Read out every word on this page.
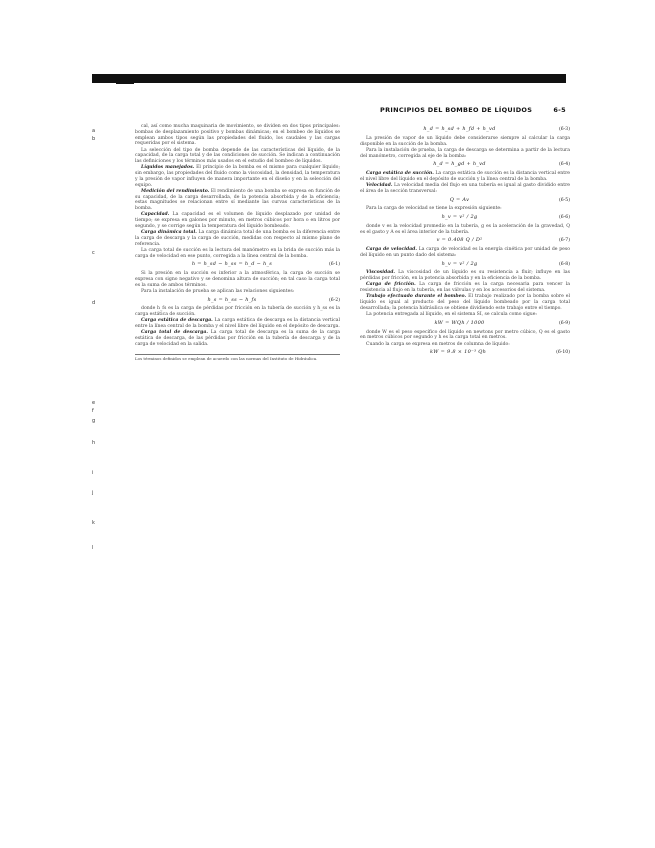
PRINCIPIOS DEL BOMBEO DE LÍQUIDOS	6-5
a
b
c
d
e
f
g
h
i
j
k
l

cal, así como mucha maquinaria de movimiento, se dividen en dos tipos principales: bombas de desplazamiento positivo y bombas dinámicas; en el bombeo de líquidos se emplean ambos tipos según las propiedades del fluido, los caudales y las cargas requeridas por el sistema.

La selección del tipo de bomba depende de las características del líquido, de la capacidad, de la carga total y de las condiciones de succión. Se indican a continuación las definiciones y los términos más usados en el estudio del bombeo de líquidos.

Líquidos manejados. El principio de la bomba es el mismo para cualquier líquido; sin embargo, las propiedades del fluido como la viscosidad, la densidad, la temperatura y la presión de vapor influyen de manera importante en el diseño y en la selección del equipo.

Medición del rendimiento. El rendimiento de una bomba se expresa en función de su capacidad, de la carga desarrollada, de la potencia absorbida y de la eficiencia; estas magnitudes se relacionan entre sí mediante las curvas características de la bomba.

Capacidad. La capacidad es el volumen de líquido desplazado por unidad de tiempo; se expresa en galones por minuto, en metros cúbicos por hora o en litros por segundo, y se corrige según la temperatura del líquido bombeado.

Carga dinámica total. La carga dinámica total de una bomba es la diferencia entre la carga de descarga y la carga de succión, medidas con respecto al mismo plano de referencia.

La carga total de succión es la lectura del manómetro en la brida de succión más la carga de velocidad en ese punto, corregida a la línea central de la bomba.

h = h_sd − h_ss = h_d − h_s	(6-1)

Si la presión en la succión es inferior a la atmosférica, la carga de succión se expresa con signo negativo y se denomina altura de succión; en tal caso la carga total es la suma de ambos términos.

Para la instalación de prueba se aplican las relaciones siguientes:

h_s = h_ss − h_fs	(6-2)

donde h_fs es la carga de pérdidas por fricción en la tubería de succión y h_ss es la carga estática de succión.

Carga estática de descarga. La carga estática de descarga es la distancia vertical entre la línea central de la bomba y el nivel libre del líquido en el depósito de descarga.

Carga total de descarga. La carga total de descarga es la suma de la carga estática de descarga, de las pérdidas por fricción en la tubería de descarga y de la carga de velocidad en la salida.

Los términos definidos se emplean de acuerdo con las normas del Instituto de Hidráulica.

h_d = h_sd + h_fd + h_vd	(6-3)

La presión de vapor de un líquido debe considerarse siempre al calcular la carga disponible en la succión de la bomba.

Para la instalación de prueba, la carga de descarga se determina a partir de la lectura del manómetro, corregida al eje de la bomba:

h_d = h_gd + h_vd	(6-4)

Carga estática de succión. La carga estática de succión es la distancia vertical entre el nivel libre del líquido en el depósito de succión y la línea central de la bomba.

Velocidad. La velocidad media del flujo en una tubería es igual al gasto dividido entre el área de la sección transversal:

Q = Av	(6-5)

Para la carga de velocidad se tiene la expresión siguiente:

h_v = v² / 2g	(6-6)

donde v es la velocidad promedio en la tubería, g es la aceleración de la gravedad, Q es el gasto y A es el área interior de la tubería.

v = 0.408 Q / D²	(6-7)

Carga de velocidad. La carga de velocidad es la energía cinética por unidad de peso del líquido en un punto dado del sistema:

h_v = v² / 2g	(6-8)

Viscosidad. La viscosidad de un líquido es su resistencia a fluir; influye en las pérdidas por fricción, en la potencia absorbida y en la eficiencia de la bomba.

Carga de fricción. La carga de fricción es la carga necesaria para vencer la resistencia al flujo en la tubería, en las válvulas y en los accesorios del sistema.

Trabajo efectuado durante el bombeo. El trabajo realizado por la bomba sobre el líquido es igual al producto del peso del líquido bombeado por la carga total desarrollada; la potencia hidráulica se obtiene dividiendo este trabajo entre el tiempo.

La potencia entregada al líquido, en el sistema SI, se calcula como sigue:

kW = WQh / 1000	(6-9)

donde W es el peso específico del líquido en newtons por metro cúbico, Q es el gasto en metros cúbicos por segundo y h es la carga total en metros.

Cuando la carga se expresa en metros de columna de líquido:

kW = 9.8 × 10⁻³ Qh	(6-10)
